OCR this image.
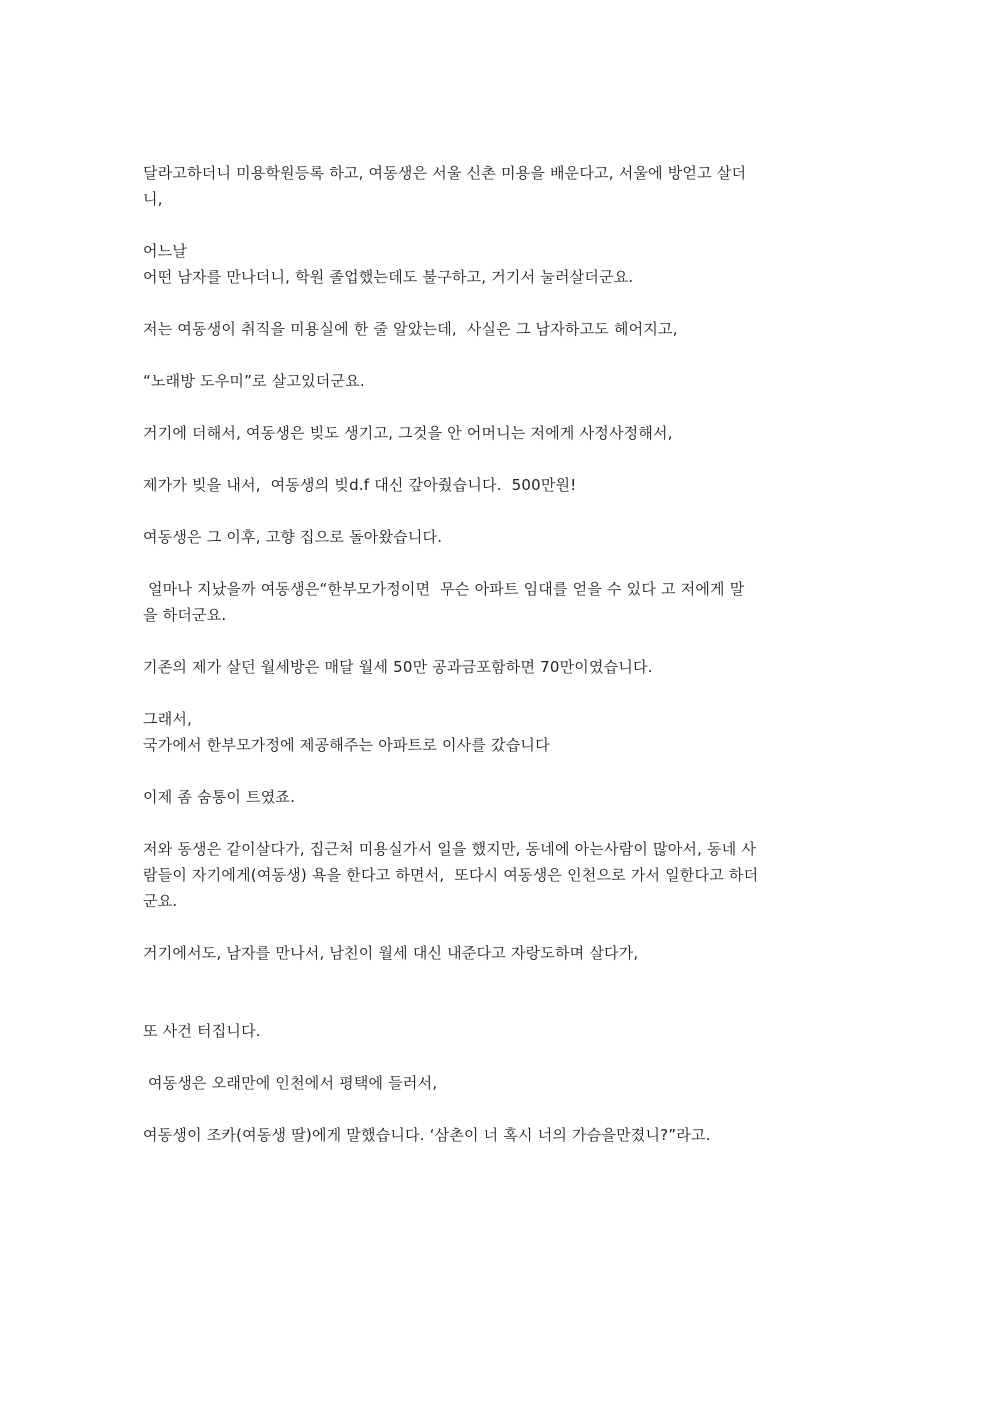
달라고하더니 미용학원등록 하고, 여동생은 서울 신촌 미용을 배운다고, 서울에 방얻고 살더
니,
어느날
어떤 남자를 만나더니, 학원 졸업했는데도 불구하고, 거기서 눌러살더군요.
저는 여동생이 취직을 미용실에 한 줄 알았는데,  사실은 그 남자하고도 헤어지고,
“노래방 도우미”로 살고있더군요.
거기에 더해서, 여동생은 빚도 생기고, 그것을 안 어머니는 저에게 사정사정해서,
제가가 빚을 내서,  여동생의 빚d.f 대신 갚아줬습니다.  500만원!
여동생은 그 이후, 고향 집으로 돌아왔습니다.
얼마나 지났을까 여동생은“한부모가정이면  무슨 아파트 임대를 얻을 수 있다 고 저에게 말
을 하더군요.
기존의 제가 살던 월세방은 매달 월세 50만 공과금포함하면 70만이였습니다.
그래서,
국가에서 한부모가정에 제공해주는 아파트로 이사를 갔습니다
이제 좀 숨통이 트였죠.
저와 동생은 같이살다가, 집근처 미용실가서 일을 했지만, 동네에 아는사람이 많아서, 동네 사
람들이 자기에게(여동생) 욕을 한다고 하면서,  또다시 여동생은 인천으로 가서 일한다고 하더
군요.
거기에서도, 남자를 만나서, 남친이 월세 대신 내준다고 자랑도하며 살다가,
또 사건 터집니다.
여동생은 오래만에 인천에서 평택에 들러서,
여동생이 조카(여동생 딸)에게 말했습니다. ‘삼촌이 너 혹시 너의 가슴을만졌니?”라고.
